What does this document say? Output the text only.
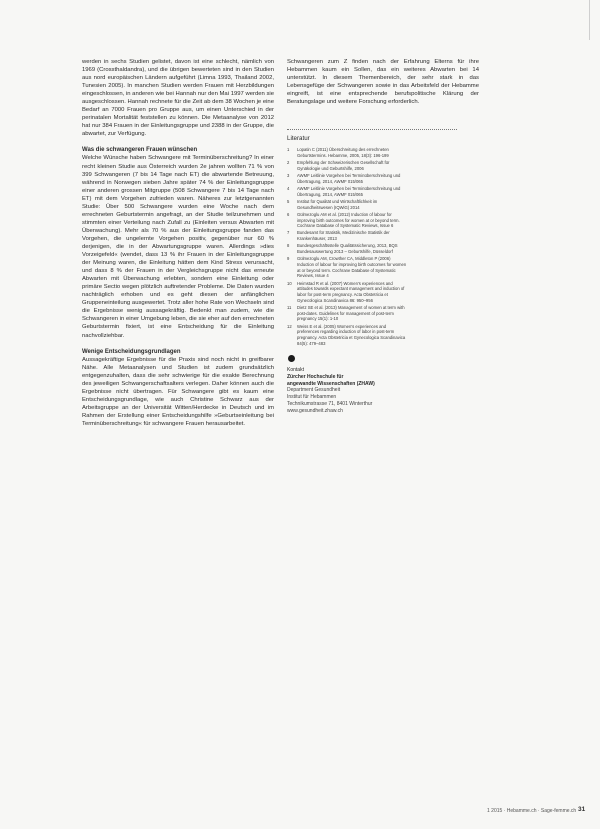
werden in sechs Studien gelistet, davon ist eine schlecht, nämlich von 1969 (Crossthaldandra), und die übrigen bewerteten sind in den Studien aus nord europäischen Ländern aufgeführt (Limna 1993, Thailand 2002, Tunesien 2005). In manchen Studien werden Frauen mit Herzbildungen eingeschlossen, in anderen wie bei Hannah nur den Mai 1997 werden sie ausgeschlossen. Hannah rechnete für die Zeit ab dem 38 Wochen je eine Bedarf an 7000 Frauen pro Gruppe aus, um einen Unterschied in der perinatalen Mortalität feststellen zu können. Die Metaanalyse von 2012 hat nur 384 Frauen in der Einleitungsgruppe und 2388 in der Gruppe, die abwartet, zur Verfügung.

Was die schwangeren Frauen wünschen

Welche Wünsche haben Schwangere mit Terminüberschreitung? In einer recht kleinen Studie aus Österreich wurden 2e jahren wollten 71 % von 399 Schwangeren (7 bis 14 Tage nach ET) die abwartende Betreuung, während in Norwegen sieben Jahre später 74 % der Einleitungsgruppe einer anderen grossen Mitgruppe (508 Schwangere 7 bis 14 Tage nach ET) mit dem Vorgehen zufrieden waren. Näheres zur letztgenannten Studie: Über 500 Schwangere wurden eine Woche nach dem errechneten Geburtstermin angefragt, an der Studie teilzunehmen und stimmten einer Verteilung nach Zufall zu (Einleiten versus Abwarten mit Überwachung). Mehr als 70 % aus der Einleitungsgruppe fanden das Vorgehen, die ungelernte Vorgehen positiv, gegenüber nur 60 % derjenigen, die in der Abwartungsgruppe waren. Allerdings »dies Vorzeigefeld« (wendet, dass 13 % ihr Frauen in der Einleitungsgruppe der Meinung waren, die Einleitung hätten dem Kind Stress verursacht, und dass 8 % der Frauen in der Vergleichsgruppe nicht das erneute Abwarten mit Überwachung erlebten, sondern eine Einleitung oder primäre Sectio wegen plötzlich auftretender Probleme. Die Daten wurden nachträglich erhoben und es geht diesen der anfänglichen Gruppeneinteilung ausgewertet. Trotz aller hohe Rate von Wechseln sind die Ergebnisse wenig aussagekräftig. Bedenkt man zudem, wie die Schwangeren in einer Umgebung leben, die sie eher auf den errechneten Geburtstermin fixiert, ist eine Entscheidung für die Einleitung nachvollziehbar.

Wenige Entscheidungsgrundlagen

Aussagekräftige Ergebnisse für die Praxis sind noch nicht in greifbarer Nähe. Alle Metaanalysen und Studien ist zudem grundsätzlich entgegenzuhalten, dass die sehr schwierige für die exakte Berechnung des jeweiligen Schwangerschaftsalters verlegen. Daher können auch die Ergebnisse nicht übertragen. Für Schwangere gibt es kaum eine Entscheidungsgrundlage, wie auch Christine Schwarz aus der Arbeitsgruppe an der Universität Witten/Herdecke in Deutsch und im Rahmen der Erstellung einer Entscheidungshilfe »Geburtseinleitung bei Terminüberschreitung« für schwangere Frauen herausarbeitet.

Schwangeren zum Z finden nach der Erfahrung Elterns für ihre Hebammen kaum ein Sollen, das ein weiteres Abwarten bei 14 unterstützt. In diesem Themenbereich, der sehr stark in das Lebensgefüge der Schwangeren sowie in das Arbeitsfeld der Hebamme eingreift, ist eine entsprechende berufspolitische Klärung der Beratungslage und weitere Forschung erforderlich.

Literatur
1 Lopatin C (2011) Überschreitung des errechneten Geburtstermins. Hebamme, 2005, 18(3): 196-199
2 Empfehlung der Schweizerischen Gesellschaft für Gynäkologie und Geburtshilfe, 2006
3 AWMF Leitlinie Vorgehen bei Terminüberschreitung und Übertragung, 2014, AWMF 015/065
4 AWMF Leitlinie Vorgehen bei Terminüberschreitung und Übertragung, 2014, AWMF 015/065
5 Institut für Qualität und Wirtschaftlichkeit im Gesundheitswesen (IQWiG) 2014
6 Gülmezoglu AM et al. (2012) Induction of labour for improving birth outcomes for women at or beyond term. Cochrane Database of Systematic Reviews, Issue 6
7 Bundesamt für Statistik, Medizinische Statistik der Krankenhäuser, 2013
8 Bundesgeschäftsstelle Qualitätssicherung, 2013, BQS Bundesauswertung 2013 – Geburtshilfe, Düsseldorf
9 Gülmezoglu AM, Crowther CA, Middleton P (2006) Induction of labour for improving birth outcomes for women at or beyond term. Cochrane Database of Systematic Reviews, Issue 4
10 Heimstad R et al. (2007) Women's experiences and attitudes towards expectant management and induction of labor for post-term pregnancy. Acta Obstetricia et Gynecologica Scandinavica 86: 950–956
11 Dietz SE et al. (2013) Management of women at term with post-dates. Guidelines for management of post-term pregnancy 15(1): 1-10
12 Weiss E et al. (2005) Women's experiences and preferences regarding induction of labor in post-term pregnancy. Acta Obstetricia et Gynecologica Scandinavica 84(5): 479–483
Kontakt
Zürcher Hochschule für
angewandte Wissenschaften (ZHAW)
Department Gesundheit
Institut für Hebammen
Technikumstrasse 71, 8401 Winterthur
www.gesundheit.zhaw.ch
1 2015 · Hebamme.ch · Sage-femme.ch 31
